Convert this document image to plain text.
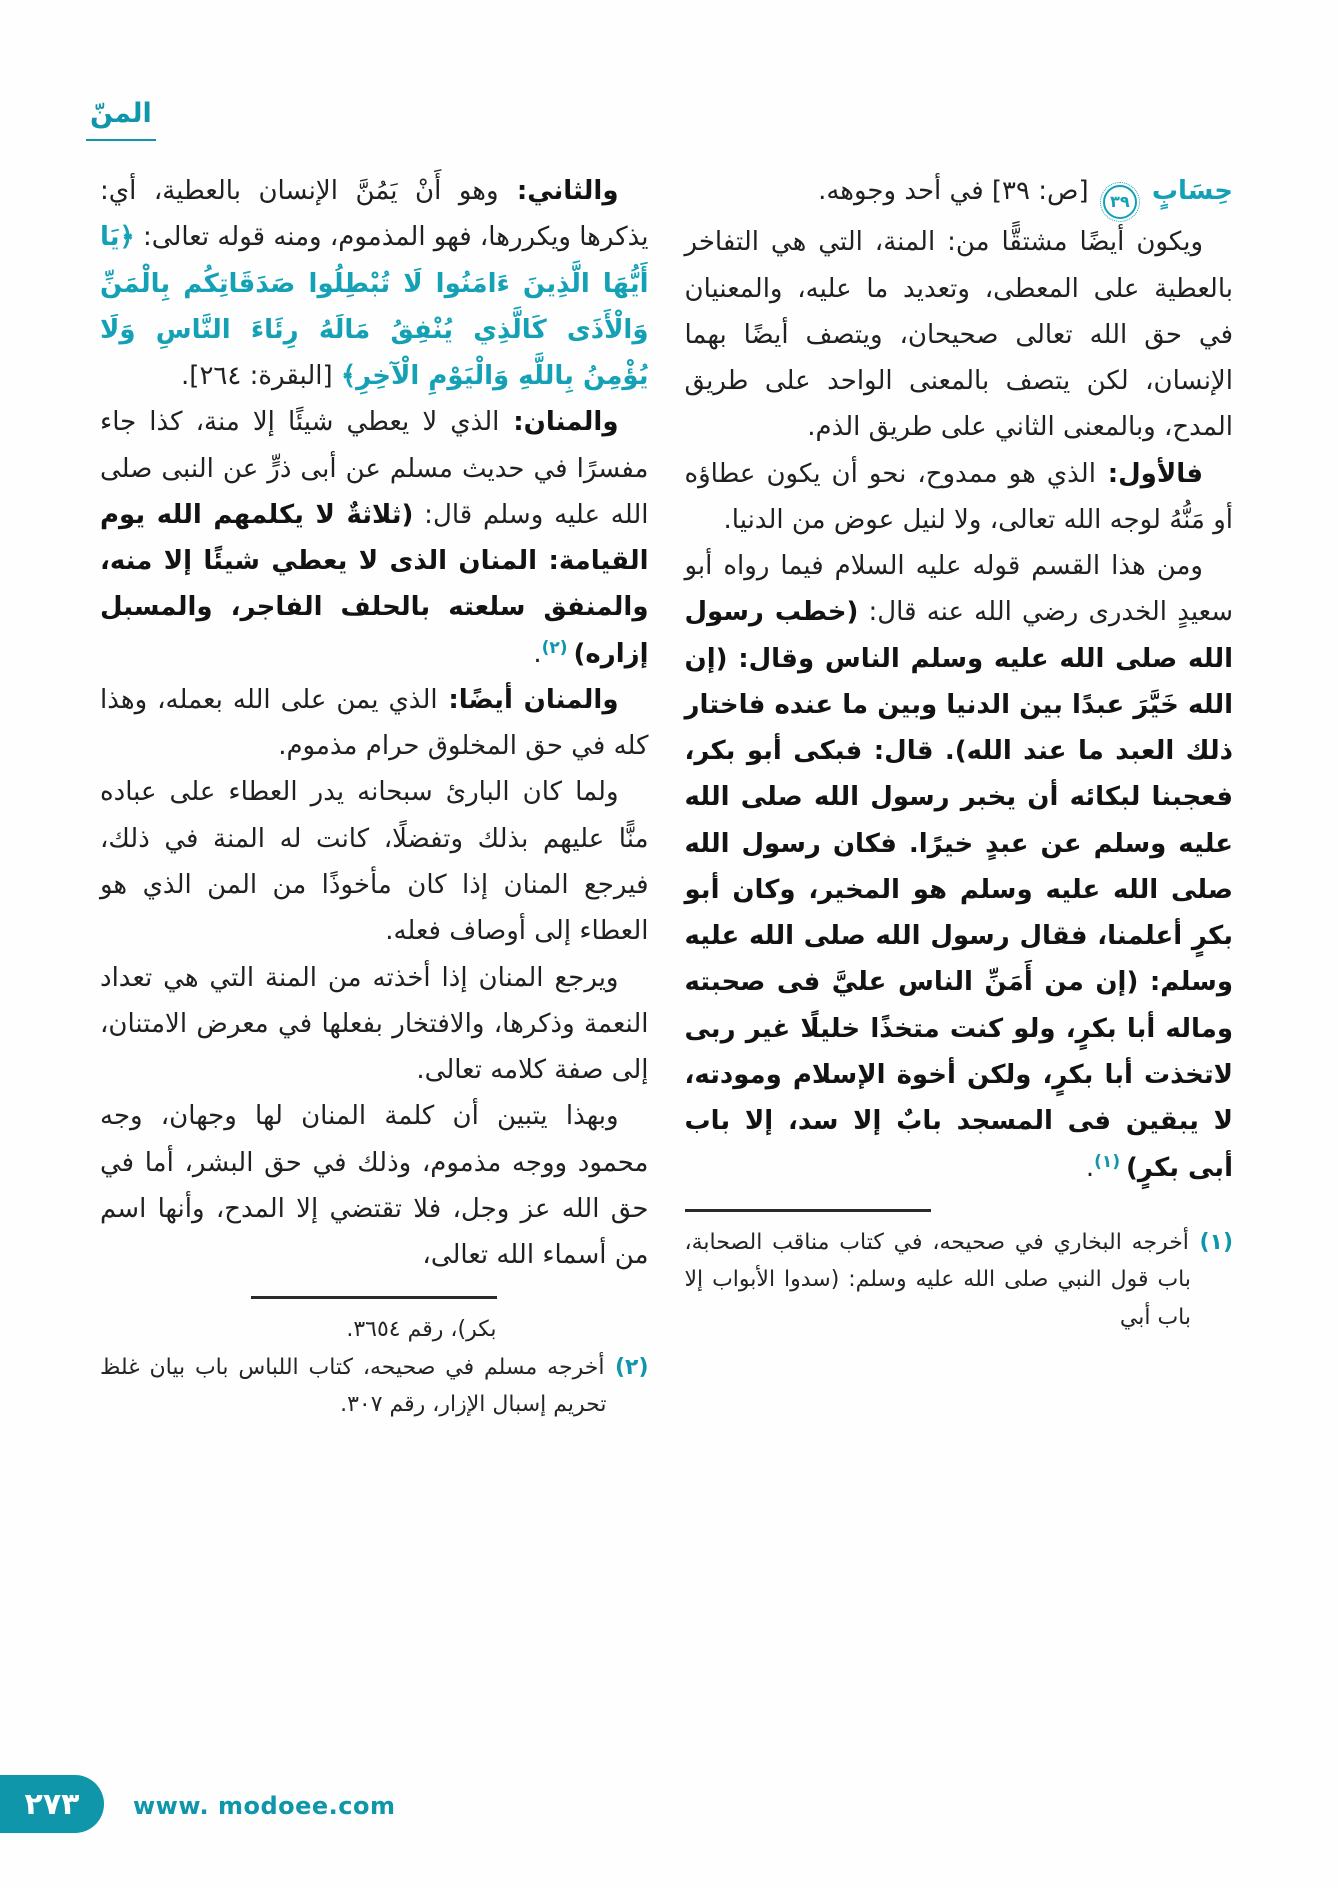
المنّ

حِسَابٍ ٣٩ [ص: ٣٩] في أحد وجوهه.

ويكون أيضًا مشتقًّا من: المنة، التي هي التفاخر بالعطية على المعطى، وتعديد ما عليه، والمعنيان في حق الله تعالى صحيحان، ويتصف أيضًا بهما الإنسان، لكن يتصف بالمعنى الواحد على طريق المدح، وبالمعنى الثاني على طريق الذم.

فالأول: الذي هو ممدوح، نحو أن يكون عطاؤه أو مَنُّهُ لوجه الله تعالى، ولا لنيل عوض من الدنيا.

ومن هذا القسم قوله عليه السلام فيما رواه أبو سعيدٍ الخدرى رضي الله عنه قال: (خطب رسول الله صلى الله عليه وسلم الناس وقال: (إن الله خَيَّرَ عبدًا بين الدنيا وبين ما عنده فاختار ذلك العبد ما عند الله). قال: فبكى أبو بكر، فعجبنا لبكائه أن يخبر رسول الله صلى الله عليه وسلم عن عبدٍ خيرًا. فكان رسول الله صلى الله عليه وسلم هو المخير، وكان أبو بكرٍ أعلمنا، فقال رسول الله صلى الله عليه وسلم: (إن من أَمَنِّ الناس عليَّ فى صحبته وماله أبا بكرٍ، ولو كنت متخذًا خليلًا غير ربى لاتخذت أبا بكرٍ، ولكن أخوة الإسلام ومودته، لا يبقين فى المسجد بابٌ إلا سد، إلا باب أبى بكرٍ) $^{(١)}$.

(١) أخرجه البخاري في صحيحه، في كتاب مناقب الصحابة، باب قول النبي صلى الله عليه وسلم: (سدوا الأبواب إلا باب أبي

والثاني: وهو أَنْ يَمُنَّ الإنسان بالعطية، أي: يذكرها ويكررها، فهو المذموم، ومنه قوله تعالى: ﴿يَا أَيُّهَا الَّذِينَ ءَامَنُوا لَا تُبْطِلُوا صَدَقَاتِكُم بِالْمَنِّ وَالْأَذَى كَالَّذِي يُنْفِقُ مَالَهُ رِئَاءَ النَّاسِ وَلَا يُؤْمِنُ بِاللَّهِ وَالْيَوْمِ الْآخِرِ﴾ [البقرة: ٢٦٤].

والمنان: الذي لا يعطي شيئًا إلا منة، كذا جاء مفسرًا في حديث مسلم عن أبى ذرٍّ عن النبى صلى الله عليه وسلم قال: (ثلاثةٌ لا يكلمهم الله يوم القيامة: المنان الذى لا يعطي شيئًا إلا منه، والمنفق سلعته بالحلف الفاجر، والمسبل إزاره) $^{(٢)}$.

والمنان أيضًا: الذي يمن على الله بعمله، وهذا كله في حق المخلوق حرام مذموم.

ولما كان البارئ سبحانه يدر العطاء على عباده منًّا عليهم بذلك وتفضلًا، كانت له المنة في ذلك، فيرجع المنان إذا كان مأخوذًا من المن الذي هو العطاء إلى أوصاف فعله.

ويرجع المنان إذا أخذته من المنة التي هي تعداد النعمة وذكرها، والافتخار بفعلها في معرض الامتنان، إلى صفة كلامه تعالى.

وبهذا يتبين أن كلمة المنان لها وجهان، وجه محمود ووجه مذموم، وذلك في حق البشر، أما في حق الله عز وجل، فلا تقتضي إلا المدح، وأنها اسم من أسماء الله تعالى،

بكر)، رقم ٣٦٥٤.

(٢) أخرجه مسلم في صحيحه، كتاب اللباس باب بيان غلظ تحريم إسبال الإزار، رقم ٣٠٧.

٢٧٣ www. modoee.com
